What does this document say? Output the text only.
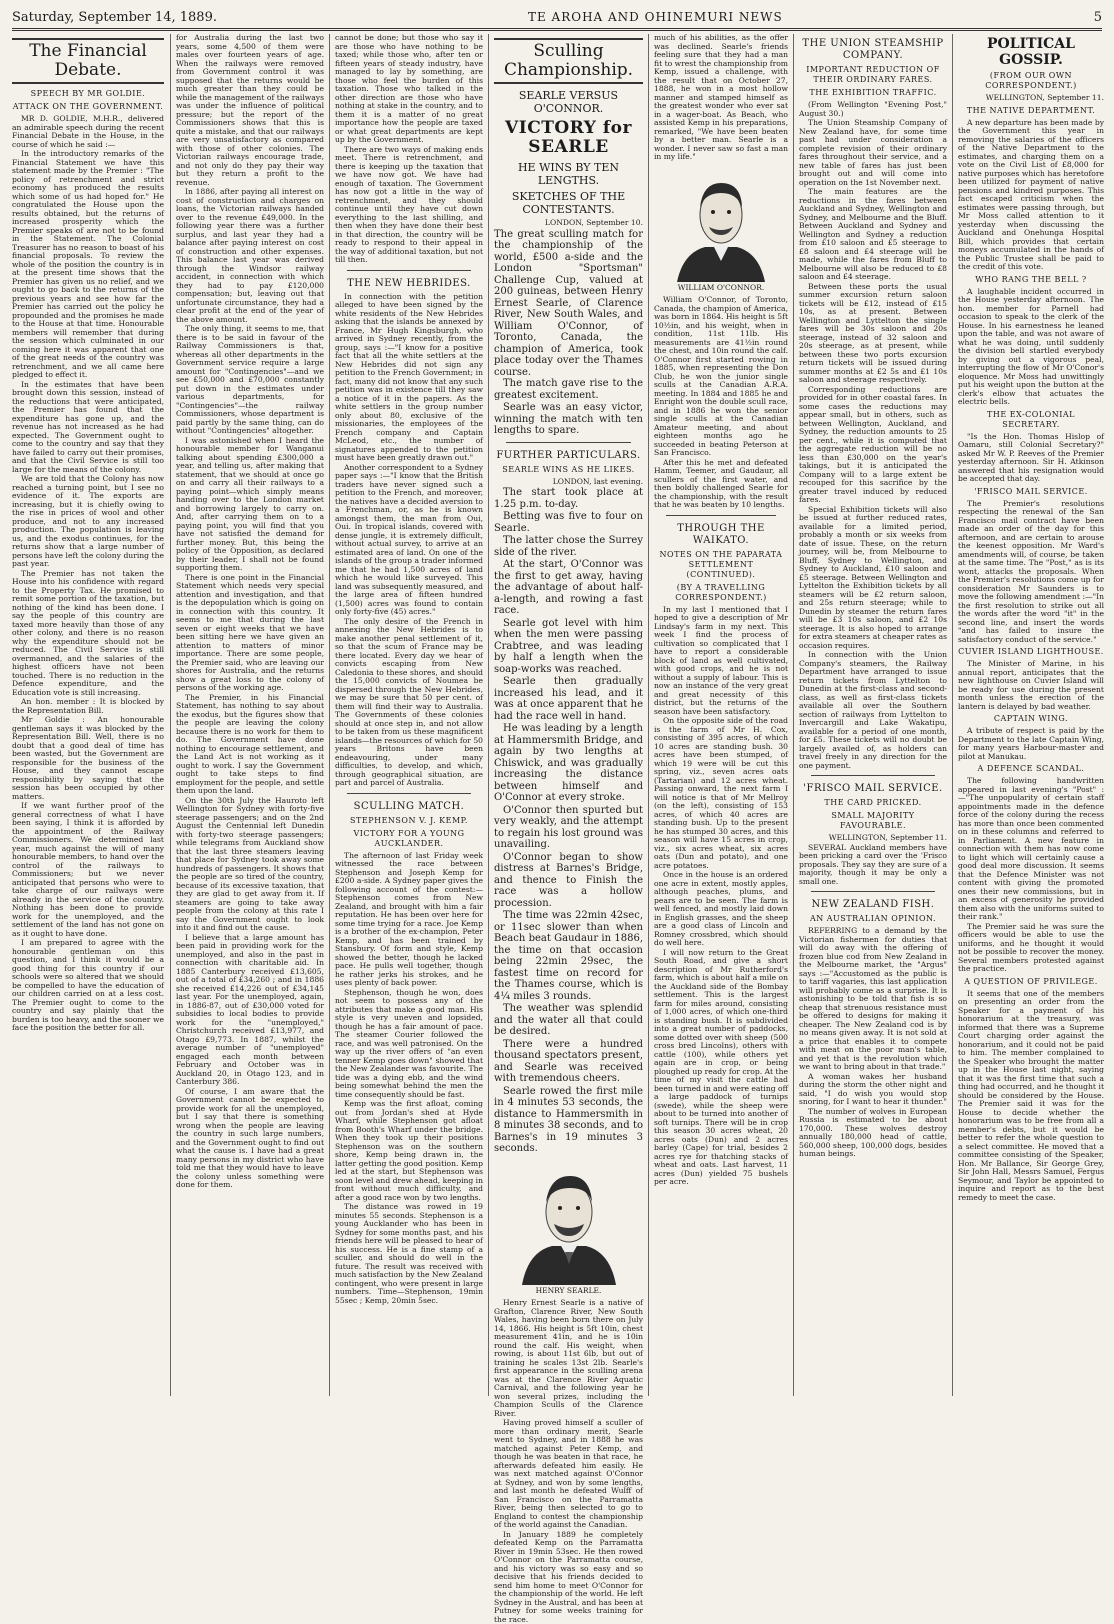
Saturday, September 14, 1889.	TE AROHA AND OHINEMURI NEWS	5
The Financial Debate.
SPEECH BY MR GOLDIE.
ATTACK ON THE GOVERNMENT.

MR D. GOLDIE, M.H.R., delivered an admirable speech during the recent Financial Debate in the House, in the course of which he said :—

In the introductory remarks of the Financial Statement we have this statement made by the Premier : "The policy of retrenchment and strict economy has produced the results which some of us had hoped for." He congratulated the House upon the results obtained, but the returns of increased prosperity which the Premier speaks of are not to be found in the Statement. The Colonial Treasurer has no reason to boast of his financial proposals. To review the whole of the position the country is in at the present time shows that the Premier has given us no relief, and we ought to go back to the returns of the previous years and see how far the Premier has carried out the policy he propounded and the promises he made to the House at that time. Honourable members will remember that during the session which culminated in our coming here it was apparent that one of the great needs of the country was retrenchment, and we all came here pledged to effect it.

In the estimates that have been brought down this session, instead of the reductions that were anticipated, the Premier has found that the expenditure has gone up, and the revenue has not increased as he had expected. The Government ought to come to the country and say that they have failed to carry out their promises, and that the Civil Service is still too large for the means of the colony.

We are told that the Colony has now reached a turning point, but I see no evidence of it. The exports are increasing, but it is chiefly owing to the rise in prices of wool and other produce, and not to any increased production. The population is leaving us, and the exodus continues, for the returns show that a large number of persons have left the colony during the past year.

The Premier has not taken the House into his confidence with regard to the Property Tax. He promised to remit some portion of the taxation, but nothing of the kind has been done. I say the people of this country are taxed more heavily than those of any other colony, and there is no reason why the expenditure should not be reduced. The Civil Service is still overmanned, and the salaries of the highest officers have not been touched. There is no reduction in the Defence expenditure, and the Education vote is still increasing.

An hon. member : It is blocked by the Representation Bill.

Mr Goldie : An honourable gentleman says it was blocked by the Representation Bill. Well, there is no doubt that a good deal of time has been wasted, but the Government are responsible for the business of the House, and they cannot escape responsibility by saying that the session has been occupied by other matters.

If we want further proof of the general correctness of what I have been saying, I think it is afforded by the appointment of the Railway Commissioners. We determined last year, much against the will of many honourable members, to hand over the control of the railways to Commissioners; but we never anticipated that persons who were to take charge of our railways were already in the service of the country. Nothing has been done to provide work for the unemployed, and the settlement of the land has not gone on as it ought to have done.

I am prepared to agree with the honourable gentleman on this question, and I think it would be a good thing for this country if our schools were so altered that we should be compelled to have the education of our children carried on at a less cost. The Premier ought to come to the country and say plainly that the burden is too heavy, and the sooner we face the position the better for all.

for Australia during the last two years, some 4,500 of them were males over fourteen years of age. When the railways were removed from Government control it was supposed that the returns would be much greater than they could be while the management of the railways was under the influence of political pressure; but the report of the Commissioners shows that this is quite a mistake, and that our railways are very unsatisfactory as compared with those of other colonies. The Victorian railways encourage trade, and not only do they pay their way but they return a profit to the revenue.

In 1886, after paying all interest on cost of construction and charges on loans, the Victorian railways handed over to the revenue £49,000. In the following year there was a further surplus, and last year they had a balance after paying interest on cost of construction and other expenses. This balance last year was derived through the Windsor railway accident, in connection with which they had to pay £120,000 compensation; but, leaving out that unfortunate circumstance, they had a clear profit at the end of the year of the above amount.

The only thing, it seems to me, that there is to be said in favour of the Railway Commissioners is that, whereas all other departments in the Government service require a large amount for "Contingencies"—and we see £50,000 and £70,000 constantly put down in the estimates under various departments, for "Contingencies"—the railway Commissioners, whose department is paid partly by the same thing, can do without "Contingencies" altogether.

I was astonished when I heard the honourable member for Wanganui talking about spending £300,000 a year, and telling us, after making that statement, that we should at once go on and carry all their railways to a paying point—which simply means handing over to the London market and borrowing largely to carry on. And, after carrying them on to a paying point, you will find that you have not satisfied the demand for further money. But, this being the policy of the Opposition, as declared by their leader, I shall not be found supporting them.

There is one point in the Financial Statement which needs very special attention and investigation, and that is the depopulation which is going on in connection with this country. It seems to me that during the last seven or eight weeks that we have been sitting here we have given an attention to matters of minor importance. There are some people, the Premier said, who are leaving our shores for Australia, and the returns show a great loss to the colony of persons of the working age.

The Premier, in his Financial Statement, has nothing to say about the exodus, but the figures show that the people are leaving the colony because there is no work for them to do. The Government have done nothing to encourage settlement, and the Land Act is not working as it ought to work. I say the Government ought to take steps to find employment for the people, and settle them upon the land.

On the 30th July the Hauroto left Wellington for Sydney with forty-five steerage passengers; and on the 2nd August the Centennial left Dunedin with forty-two steerage passengers; while telegrams from Auckland show that the last three steamers leaving that place for Sydney took away some hundreds of passengers. It shows that the people are so tired of the country, because of its excessive taxation, that they are glad to get away from it. If steamers are going to take away people from the colony at this rate I say the Government ought to look into it and find out the cause.

I believe that a large amount has been paid in providing work for the unemployed, and also in the past in connection with charitable aid. In 1885 Canterbury received £13,605, out of a total of £34,260 ; and in 1886 she received £14,226 out of £34,145 last year. For the unemployed, again, in 1886-87, out of £30,000 voted for subsidies to local bodies to provide work for the "unemployed," Christchurch received £13,977, and Otago £9,773. In 1887, whilst the average number of "unemployed" engaged each month between February and October was in Auckland 20, in Otago 123, and in Canterbury 386.

Of course, I am aware that the Government cannot be expected to provide work for all the unemployed, but I say that there is something wrong when the people are leaving the country in such large numbers, and the Government ought to find out what the cause is. I have had a great many persons in my district who have told me that they would have to leave the colony unless something were done for them.

cannot be done; but those who say it are those who have nothing to be taxed; while those who, after ten or fifteen years of steady industry, have managed to lay by something, are those who feel the burden of this taxation. Those who talked in the other direction are those who have nothing at stake in the country, and to them it is a matter of no great importance how the people are taxed or what great departments are kept up by the Government.

There are two ways of making ends meet. There is retrenchment, and there is keeping up the taxation that we have now got. We have had enough of taxation. The Government has now got a little in the way of retrenchment, and they should continue until they have cut down everything to the last shilling, and then when they have done their best in that direction, the country will be ready to respond to their appeal in the way of additional taxation, but not till then.

THE NEW HEBRIDES.

In connection with the petition alleged to have been signed by the white residents of the New Hebrides asking that the islands be annexed by France, Mr Hugh Kingsburgh, who arrived in Sydney recently, from the group, says :—"I know for a positive fact that all the white settlers at the New Hebrides did not sign any petition to the French Government; in fact, many did not know that any such petition was in existence till they saw a notice of it in the papers. As the white settlers in the group number only about 80, exclusive of the missionaries, the employees of the French company and Captain McLeod, etc., the number of signatures appended to the petition must have been greatly drawn out."

Another correspondent to a Sydney paper says :—"I know that the British traders have never signed such a petition to the French, and moreover, the natives have a decided aversion to a Frenchman, or, as he is known amongst them, the man from Oui, Oui. In tropical islands, covered with dense jungle, it is extremely difficult, without actual survey, to arrive at an estimated area of land. On one of the islands of the group a trader informed me that he had 1,500 acres of land which he would like surveyed. This land was subsequently measured, and the large area of fifteen hundred (1,500) acres was found to contain only forty-five (45) acres."

The only desire of the French in annexing the New Hebrides is to make another penal settlement of it, so that the scum of France may be there located. Every day we hear of convicts escaping from New Caledonia to these shores, and should the 15,000 convicts of Noumea be dispersed through the New Hebrides, we may be sure that 50 per cent. of them will find their way to Australia. The Governments of these colonies should at once step in, and not allow to be taken from us these magnificent islands—the resources of which for 50 years Britons have been endeavouring, under many difficulties, to develop, and which, through geographical situation, are part and parcel of Australia.

SCULLING MATCH.
STEPHENSON V. J. KEMP.
VICTORY FOR A YOUNG AUCKLANDER.

The afternoon of last Friday week witnessed the race between Stephenson and Joseph Kemp for £200 a-side. A Sydney paper gives the following account of the contest:—Stephenson comes from New Zealand, and brought with him a fair reputation. He has been over here for some time trying for a race. Joe Kemp is a brother of the ex-champion, Peter Kemp, and has been trained by Stansbury. Of form and style, Kemp showed the better, though he lacked pace. He pulls well together, though he rather jerks his strokes, and he uses plenty of back power.

Stephenson, though he won, does not seem to possess any of the attributes that make a good man. His style is very uneven and lopsided, though he has a fair amount of pace. The steamer Courier followed the race, and was well patronised. On the way up the river offers of "an even tenner Kemp goes down" showed that the New Zealander was favourite. The tide was a dying ebb, and the wind being somewhat behind the men the time consequently should be fast.

Kemp was the first afloat, coming out from Jordan's shed at Hyde Wharf, while Stephenson got afloat from Booth's Wharf under the bridge. When they took up their positions Stephenson was on the southern shore, Kemp being drawn in, the latter getting the good position. Kemp led at the start, but Stephenson was soon level and drew ahead, keeping in front without much difficulty, and after a good race won by two lengths.

The distance was rowed in 19 minutes 55 seconds. Stephenson is a young Aucklander who has been in Sydney for some months past, and his friends here will be pleased to hear of his success. He is a fine stamp of a sculler, and should do well in the future. The result was received with much satisfaction by the New Zealand contingent, who were present in large numbers. Time—Stephenson, 19min 55sec ; Kemp, 20min 5sec.

Sculling Championship.
SEARLE VERSUS O'CONNOR.
VICTORY for SEARLE
HE WINS BY TEN LENGTHS.
SKETCHES OF THE CONTESTANTS.

LONDON, September 10.

The great sculling match for the championship of the world, £500 a-side and the London "Sportsman" Challenge Cup, valued at 200 guineas, between Henry Ernest Searle, of Clarence River, New South Wales, and William O'Connor, of Toronto, Canada, the champion of America, took place today over the Thames course.

The match gave rise to the greatest excitement.

Searle was an easy victor, winning the match with ten lengths to spare.

FURTHER PARTICULARS.
SEARLE WINS AS HE LIKES.

LONDON, last evening.

The start took place at 1.25 p.m. to-day.

Betting was five to four on Searle.

The latter chose the Surrey side of the river.

At the start, O'Connor was the first to get away, having the advantage of about half-a-length, and rowing a fast race.

Searle got level with him when the men were passing Crabtree, and was leading by half a length when the soap-works was reached.

Searle then gradually increased his lead, and it was at once apparent that he had the race well in hand.

He was leading by a length at Hammersmith Bridge, and again by two lengths at Chiswick, and was gradually increasing the distance between himself and O'Connor at every stroke.

O'Connor then spurted but very weakly, and the attempt to regain his lost ground was unavailing.

O'Connor began to show distress at Barnes's Bridge, and thence to Finish the race was a hollow procession.

The time was 22min 42sec, or 11sec slower than when Beach beat Gaudaur in 1886, the time on that occasion being 22min 29sec, the fastest time on record for the Thames course, which is 4¼ miles 3 rounds.

The weather was splendid and the water all that could be desired.

There were a hundred thousand spectators present, and Searle was received with tremendous cheers.

Searle rowed the first mile in 4 minutes 53 seconds, the distance to Hammersmith in 8 minutes 38 seconds, and to Barnes's in 19 minutes 3 seconds.

HENRY SEARLE.

Henry Ernest Searle is a native of Grafton, Clarence River, New South Wales, having been born there on July 14, 1866. His height is 5ft 10in, chest measurement 41in, and he is 10in round the calf. His weight, when rowing, is about 11st 6lb, but out of training he scales 13st 2lb. Searle's first appearance in the sculling arena was at the Clarence River Aquatic Carnival, and the following year he won several prizes, including the Champion Sculls of the Clarence River.

Having proved himself a sculler of more than ordinary merit, Searle went to Sydney, and in 1888 he was matched against Peter Kemp, and though he was beaten in that race, he afterwards defeated him easily. He was next matched against O'Connor at Sydney, and won by some lengths, and last month he defeated Wulff of San Francisco on the Parramatta River, being then selected to go to England to contest the championship of the world against the Canadian.

In January 1889 he completely defeated Kemp on the Parramatta River in 19min 53sec. He then rowed O'Connor on the Parramatta course, and his victory was so easy and so decisive that his friends decided to send him home to meet O'Connor for the championship of the world. He left Sydney in the Austral, and has been at Putney for some weeks training for the race.

much of his abilities, as the offer was declined. Searle's friends feeling sure that they had a man fit to wrest the championship from Kemp, issued a challenge, with the result that on October 27, 1888, he won in a most hollow manner and stamped himself as the greatest wonder who ever sat in a wager-boat. As Beach, who assisted Kemp in his preparations, remarked, "We have been beaten by a better man. Searle is a wonder. I never saw so fast a man in my life."

WILLIAM O'CONNOR.

William O'Connor, of Toronto, Canada, the champion of America, was born in 1864. His height is 5ft 10½in, and his weight, when in condition, 11st 11lb. His measurements are 41½in round the chest, and 10in round the calf. O'Connor first started rowing in 1885, when representing the Don Club, he won the junior single sculls at the Canadian A.R.A. meeting. In 1884 and 1885 he and Enright won the double scull race, and in 1886 he won the senior single sculls at the Canadian Amateur meeting, and about eighteen months ago he succeeded in beating Peterson at San Francisco.

After this he met and defeated Hamm, Teemer, and Gaudaur, all scullers of the first water, and then boldly challenged Searle for the championship, with the result that he was beaten by 10 lengths.

THROUGH THE WAIKATO.
NOTES ON THE PAPARATA SETTLEMENT (CONTINUED).
(BY A TRAVELLING CORRESPONDENT.)

In my last I mentioned that I hoped to give a description of Mr Lindsay's farm in my next. This week I find the process of cultivation so complicated that I have to report a considerable block of land as well cultivated, with good crops, and he is not without a supply of labour. This is now an instance of the very great and great necessity of this district, but the returns of the season have been satisfactory.

On the opposite side of the road is the farm of Mr H. Cox, consisting of 395 acres, of which 10 acres are standing bush. 30 acres have been stumped, of which 19 were will be cut this spring, viz., seven acres oats (Tartarian) and 12 acres wheat. Passing onward, the next farm I will notice is that of Mr Mellroy (on the left), consisting of 153 acres, of which 40 acres are standing bush. Up to the present he has stumped 30 acres, and this season will have 15 acres in crop, viz., six acres wheat, six acres oats (Dun and potato), and one acre potatoes.

Once in the house is an ordered one acre in extent, mostly apples, although peaches, plums, and pears are to be seen. The farm is well fenced, and mostly laid down in English grasses, and the sheep are a good class of Lincoln and Romney crossbred, which should do well here.

I will now return to the Great South Road, and give a short description of Mr Rutherford's farm, which is about half a mile on the Auckland side of the Bombay settlement. This is the largest farm for miles around, consisting of 1,000 acres, of which one-third is standing bush. It is subdivided into a great number of paddocks, some dotted over with sheep (500 cross bred Lincolns), others with cattle (100), while others yet again are in crop, or being ploughed up ready for crop. At the time of my visit the cattle had been turned in and were eating off a large paddock of turnips (swede), while the sheep were about to be turned into another of soft turnips. There will be in crop this season 30 acres wheat, 20 acres oats (Dun) and 2 acres barley (Cape) for trial, besides 2 acres rye for thatching stacks of wheat and oats. Last harvest, 11 acres (Dun) yielded 75 bushels per acre.

THE UNION STEAMSHIP COMPANY.
IMPORTANT REDUCTION OF THEIR ORDINARY FARES.
THE EXHIBITION TRAFFIC.

(From Wellington "Evening Post," August 30.)

The Union Steamship Company of New Zealand have, for some time past had under consideration a complete revision of their ordinary fares throughout their service, and a new table of fares has just been brought out and will come into operation on the 1st November next.

The main features are the reductions in the fares between Auckland and Sydney, Wellington and Sydney, and Melbourne and the Bluff. Between Auckland and Sydney and Wellington and Sydney a reduction from £10 saloon and £5 steerage to £8 saloon and £4 steerage will be made, while the fares from Bluff to Melbourne will also be reduced to £8 saloon and £4 steerage.

Between these ports the usual summer excursion return saloon tickets will be £12, instead of £15 10s, as at present. Between Wellington and Lyttelton the single fares will be 30s saloon and 20s steerage, instead of 32 saloon and 20s steerage, as at present, while between these two ports excursion return tickets will be issued during summer months at £2 5s and £1 10s saloon and steerage respectively.

Corresponding reductions are provided for in other coastal fares. In some cases the reductions may appear small, but in others, such as between Wellington, Auckland, and Sydney, the reduction amounts to 25 per cent., while it is computed that the aggregate reduction will be no less than £30,000 on the year's takings, but it is anticipated the Company will to a large extent be recouped for this sacrifice by the greater travel induced by reduced fares.

Special Exhibition tickets will also be issued at further reduced rates, available for a limited period, probably a month or six weeks from date of issue. These, on the return journey, will be, from Melbourne to Bluff, Sydney to Wellington, and Sydney to Auckland, £10 saloon and £5 steerage. Between Wellington and Lyttelton the Exhibition tickets by all steamers will be £2 return saloon, and 25s return steerage; while to Dunedin by steamer the return fares will be £3 10s saloon, and £2 10s steerage. It is also hoped to arrange for extra steamers at cheaper rates as occasion requires.

In connection with the Union Company's steamers, the Railway Department have arranged to issue return tickets from Lyttelton to Dunedin at the first-class and second-class, as well as first-class tickets available all over the Southern section of railways from Lyttelton to Invercargill and Lake Wakatipu, available for a period of one month, for £5. These tickets will no doubt be largely availed of, as holders can travel freely in any direction for the one payment.

'FRISCO MAIL SERVICE.
THE CARD PRICKED.
SMALL MAJORITY FAVOURABLE.

WELLINGTON, September 11.

SEVERAL Auckland members have been pricking a card over the 'Frisco proposals. They say they are sure of a majority, though it may be only a small one.

NEW ZEALAND FISH.
AN AUSTRALIAN OPINION.

REFERRING to a demand by the Victorian fishermen for duties that will do away with the offering of frozen blue cod from New Zealand in the Melbourne market, the "Argus" says :—"Accustomed as the public is to tariff vagaries, this last application will probably come as a surprise. It is astonishing to be told that fish is so cheap that strenuous resistance must be offered to designs for making it cheaper. The New Zealand cod is by no means given away. It is not sold at a price that enables it to compete with meat on the poor man's table, and yet that is the revolution which we want to bring about in that trade."

A woman wakes her husband during the storm the other night and said, "I do wish you would stop snoring, for I want to hear it thunder."

The number of wolves in European Russia is estimated to be about 170,000. These wolves destroy annually 180,000 head of cattle, 560,000 sheep, 100,000 dogs, besides human beings.

POLITICAL GOSSIP.
(FROM OUR OWN CORRESPONDENT.)

WELLINGTON, September 11.

THE NATIVE DEPARTMENT.

A new departure has been made by the Government this year in removing the salaries of the officers of the Native Department to the estimates, and charging them on a vote on the Civil List of £8,000 for native purposes which has heretofore been utilized for payment of native pensions and kindred purposes. This fact escaped criticism when the estimates were passing through, but Mr Moss called attention to it yesterday when discussing the Auckland and Onehunga Hospital Bill, which provides that certain moneys accumulated in the hands of the Public Trustee shall be paid to the credit of this vote.

WHO RANG THE BELL ?

A laughable incident occurred in the House yesterday afternoon. The hon. member for Parnell had occasion to speak to the clerk of the House. In his earnestness he leaned upon the table, and was not aware of what he was doing, until suddenly the division bell startled everybody by giving out a vigorous peal, interrupting the flow of Mr O'Conor's eloquence. Mr Moss had unwittingly put his weight upon the button at the clerk's elbow that actuates the electric bells.

THE EX-COLONIAL SECRETARY.

"Is the Hon. Thomas Hislop of Oamaru, still Colonial Secretary?" asked Mr W. P. Reeves of the Premier yesterday afternoon. Sir H. Atkinson answered that his resignation would be accepted that day.

'FRISCO MAIL SERVICE.

The Premier's resolutions respecting the renewal of the San Francisco mail contract have been made an order of the day for this afternoon, and are certain to arouse the keenest opposition. Mr Ward's amendments will, of course, be taken at the same time. The "Post," as is its wont, attacks the proposals. When the Premier's resolutions come up for consideration Mr Saunders is to move the following amendment :—"In the first resolution to strike out all the words after the word "it" in the second line, and insert the words "and has failed to insure the satisfactory conduct of the service."

CUVIER ISLAND LIGHTHOUSE.

The Minister of Marine, in his annual report, anticipates that the new lighthouse on Cuvier Island will be ready for use during the present month unless the erection of the lantern is delayed by bad weather.

CAPTAIN WING.

A tribute of respect is paid by the Department to the late Captain Wing, for many years Harbour-master and pilot at Manukau.

A DEFENCE SCANDAL.

The following handwritten appeared in last evening's "Post" :—"The unpopularity of certain staff appointments made in the defence force of the colony during the recess has more than once been commented on in these columns and referred to in Parliament. A new feature in connection with them has now come to light which will certainly cause a good deal more discussion. It seems that the Defence Minister was not content with giving the promoted ones their new commissions, but in an excess of generosity he provided them also with the uniforms suited to their rank."

The Premier said he was sure the officers would be able to use the uniforms, and he thought it would not be possible to recover the money. Several members protested against the practice.

A QUESTION OF PRIVILEGE.

It seems that one of the members on presenting an order from the Speaker for a payment of his honorarium at the treasury, was informed that there was a Supreme Court charging order against the honorarium, and it could not be paid to him. The member complained to the Speaker who brought the matter up in the House last night, saying that it was the first time that such a thing had occurred, and he thought it should be considered by the House. The Premier said it was for the House to decide whether the honorarium was to be free from all a member's debts, but it would be better to refer the whole question to a select committee. He moved that a committee consisting of the Speaker, Hon. Mr Ballance, Sir George Grey, Sir John Hall, Messrs Samuel, Fergus Seymour, and Taylor be appointed to inquire and report as to the best remedy to meet the case.
